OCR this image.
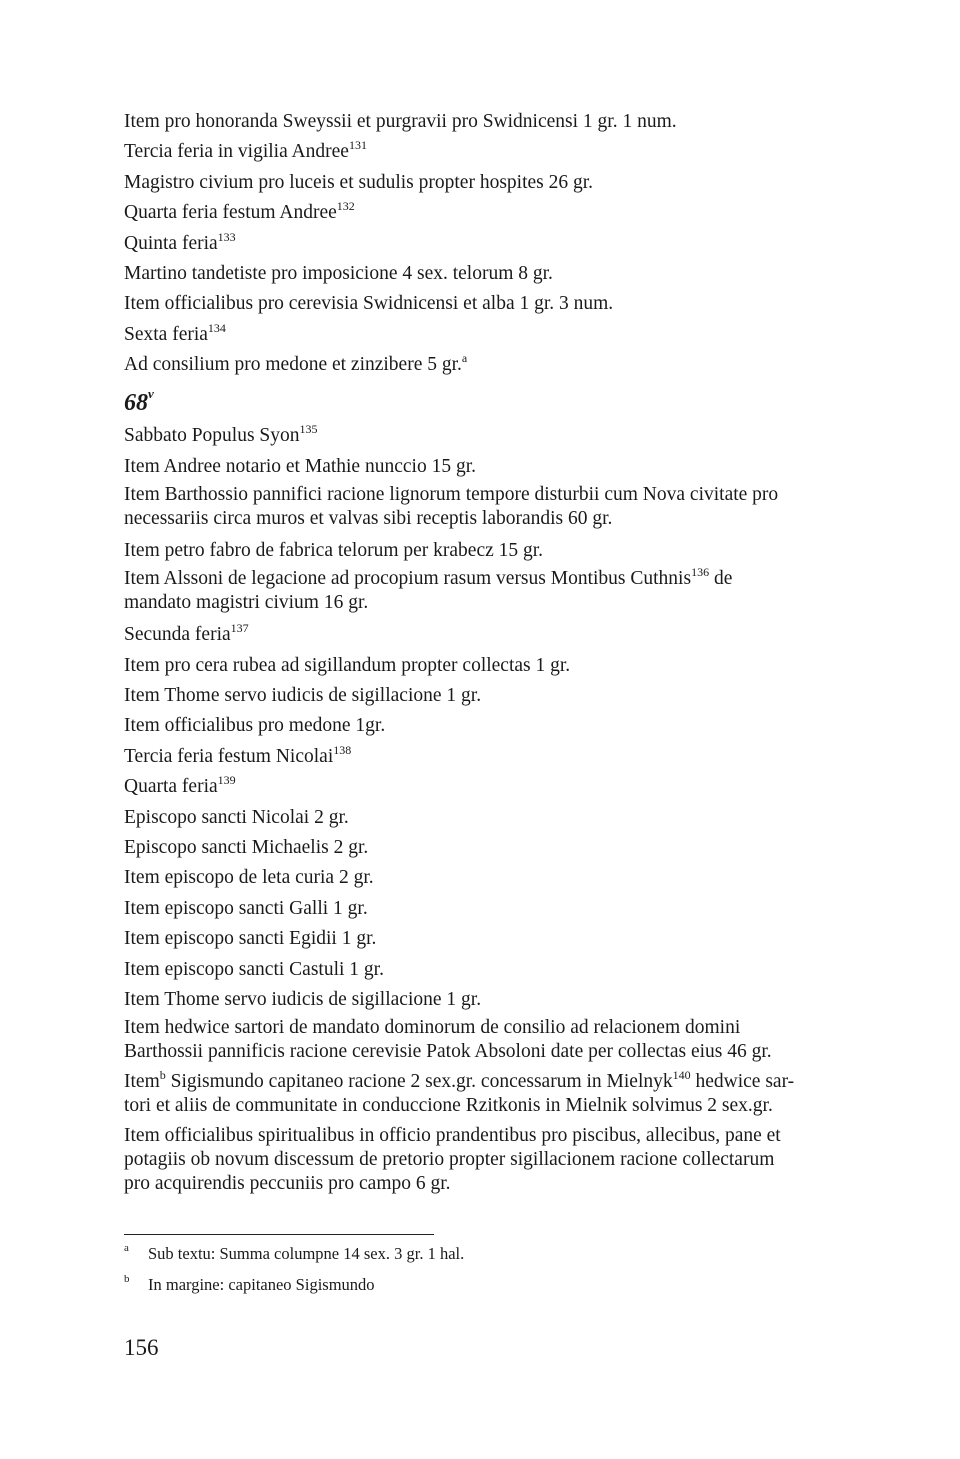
Item pro honoranda Sweyssii et purgravii pro Swidnicensi 1 gr. 1 num.
Tercia feria in vigilia Andree$^{131}$
Magistro civium pro luceis et sudulis propter hospites 26 gr.
Quarta feria festum Andree$^{132}$
Quinta feria$^{133}$
Martino tandetiste pro imposicione 4 sex. telorum 8 gr.
Item officialibus pro cerevisia Swidnicensi et alba 1 gr. 3 num.
Sexta feria$^{134}$
Ad consilium pro medone et zinzibere 5 gr.$^a$
68$^v$
Sabbato Populus Syon$^{135}$
Item Andree notario et Mathie nunccio 15 gr.
Item Barthossio pannifici racione lignorum tempore disturbii cum Nova civitate pro
necessariis circa muros et valvas sibi receptis laborandis 60 gr.
Item petro fabro de fabrica telorum per krabecz 15 gr.
Item Alssoni de legacione ad procopium rasum versus Montibus Cuthnis$^{136}$ de
mandato magistri civium 16 gr.
Secunda feria$^{137}$
Item pro cera rubea ad sigillandum propter collectas 1 gr.
Item Thome servo iudicis de sigillacione 1 gr.
Item officialibus pro medone 1gr.
Tercia feria festum Nicolai$^{138}$
Quarta feria$^{139}$
Episcopo sancti Nicolai 2 gr.
Episcopo sancti Michaelis 2 gr.
Item episcopo de leta curia 2 gr.
Item episcopo sancti Galli 1 gr.
Item episcopo sancti Egidii 1 gr.
Item episcopo sancti Castuli 1 gr.
Item Thome servo iudicis de sigillacione 1 gr.
Item hedwice sartori de mandato dominorum de consilio ad relacionem domini
Barthossii pannificis racione cerevisie Patok Absoloni date per collectas eius 46 gr.
Item$^b$ Sigismundo capitaneo racione 2 sex.gr. concessarum in Mielnyk$^{140}$ hedwice sar-
tori et aliis de communitate in conduccione Rzitkonis in Mielnik solvimus 2 sex.gr.
Item officialibus spiritualibus in officio prandentibus pro piscibus, allecibus, pane et
potagiis ob novum discessum de pretorio propter sigillacionem racione collectarum
pro acquirendis peccuniis pro campo 6 gr.
a Sub textu: Summa columpne 14 sex. 3 gr. 1 hal.
b In margine: capitaneo Sigismundo
156
